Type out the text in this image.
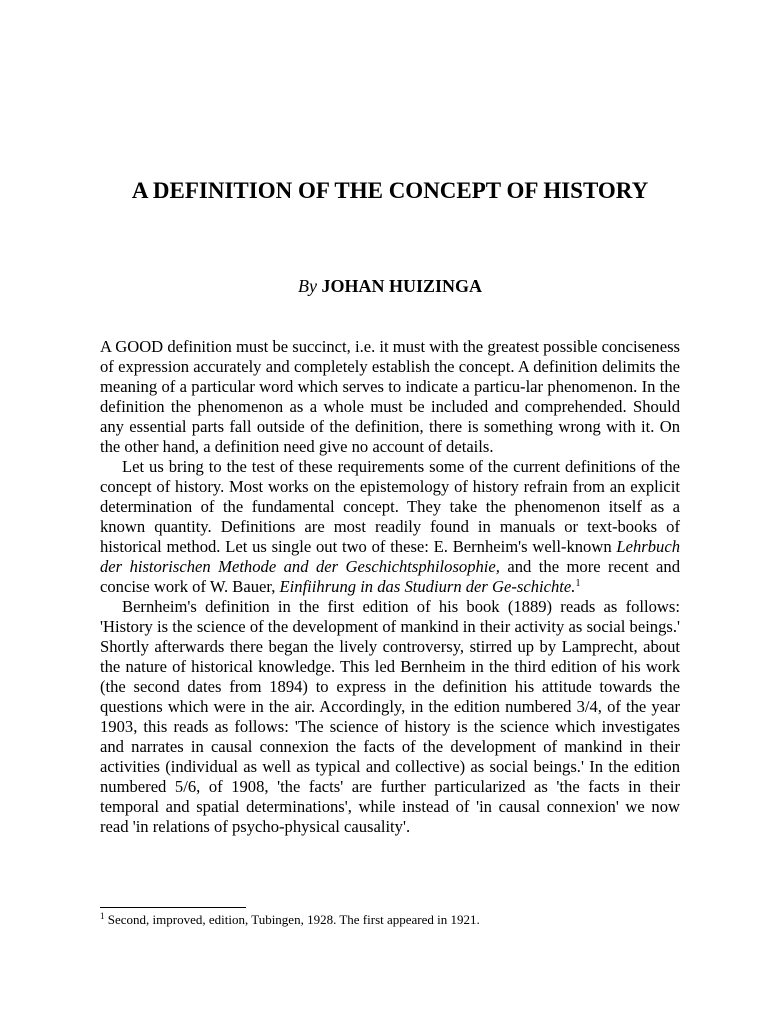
A DEFINITION OF THE CONCEPT OF HISTORY

By JOHAN HUIZINGA

A GOOD definition must be succinct, i.e. it must with the greatest possible conciseness of expression accurately and completely establish the concept. A definition delimits the meaning of a particular word which serves to indicate a particu-lar phenomenon. In the definition the phenomenon as a whole must be included and comprehended. Should any essential parts fall outside of the definition, there is something wrong with it. On the other hand, a definition need give no account of details.

Let us bring to the test of these requirements some of the current definitions of the concept of history. Most works on the epistemology of history refrain from an explicit determination of the fundamental concept. They take the phenomenon itself as a known quantity. Definitions are most readily found in manuals or text-books of historical method. Let us single out two of these: E. Bernheim's well-known Lehrbuch der historischen Methode and der Geschichtsphilosophie, and the more recent and concise work of W. Bauer, Einfiihrung in das Studiurn der Ge-schichte.$^1$

Bernheim's definition in the first edition of his book (1889) reads as follows: 'History is the science of the development of mankind in their activity as social beings.' Shortly afterwards there began the lively controversy, stirred up by Lamprecht, about the nature of historical knowledge. This led Bernheim in the third edition of his work (the second dates from 1894) to express in the definition his attitude towards the questions which were in the air. Accordingly, in the edition numbered 3/4, of the year 1903, this reads as follows: 'The science of history is the science which investigates and narrates in causal connexion the facts of the development of mankind in their activities (individual as well as typical and collective) as social beings.' In the edition numbered 5/6, of 1908, 'the facts' are further particularized as 'the facts in their temporal and spatial determinations', while instead of 'in causal connexion' we now read 'in relations of psycho-physical causality'.

$^1$ Second, improved, edition, Tubingen, 1928. The first appeared in 1921.
